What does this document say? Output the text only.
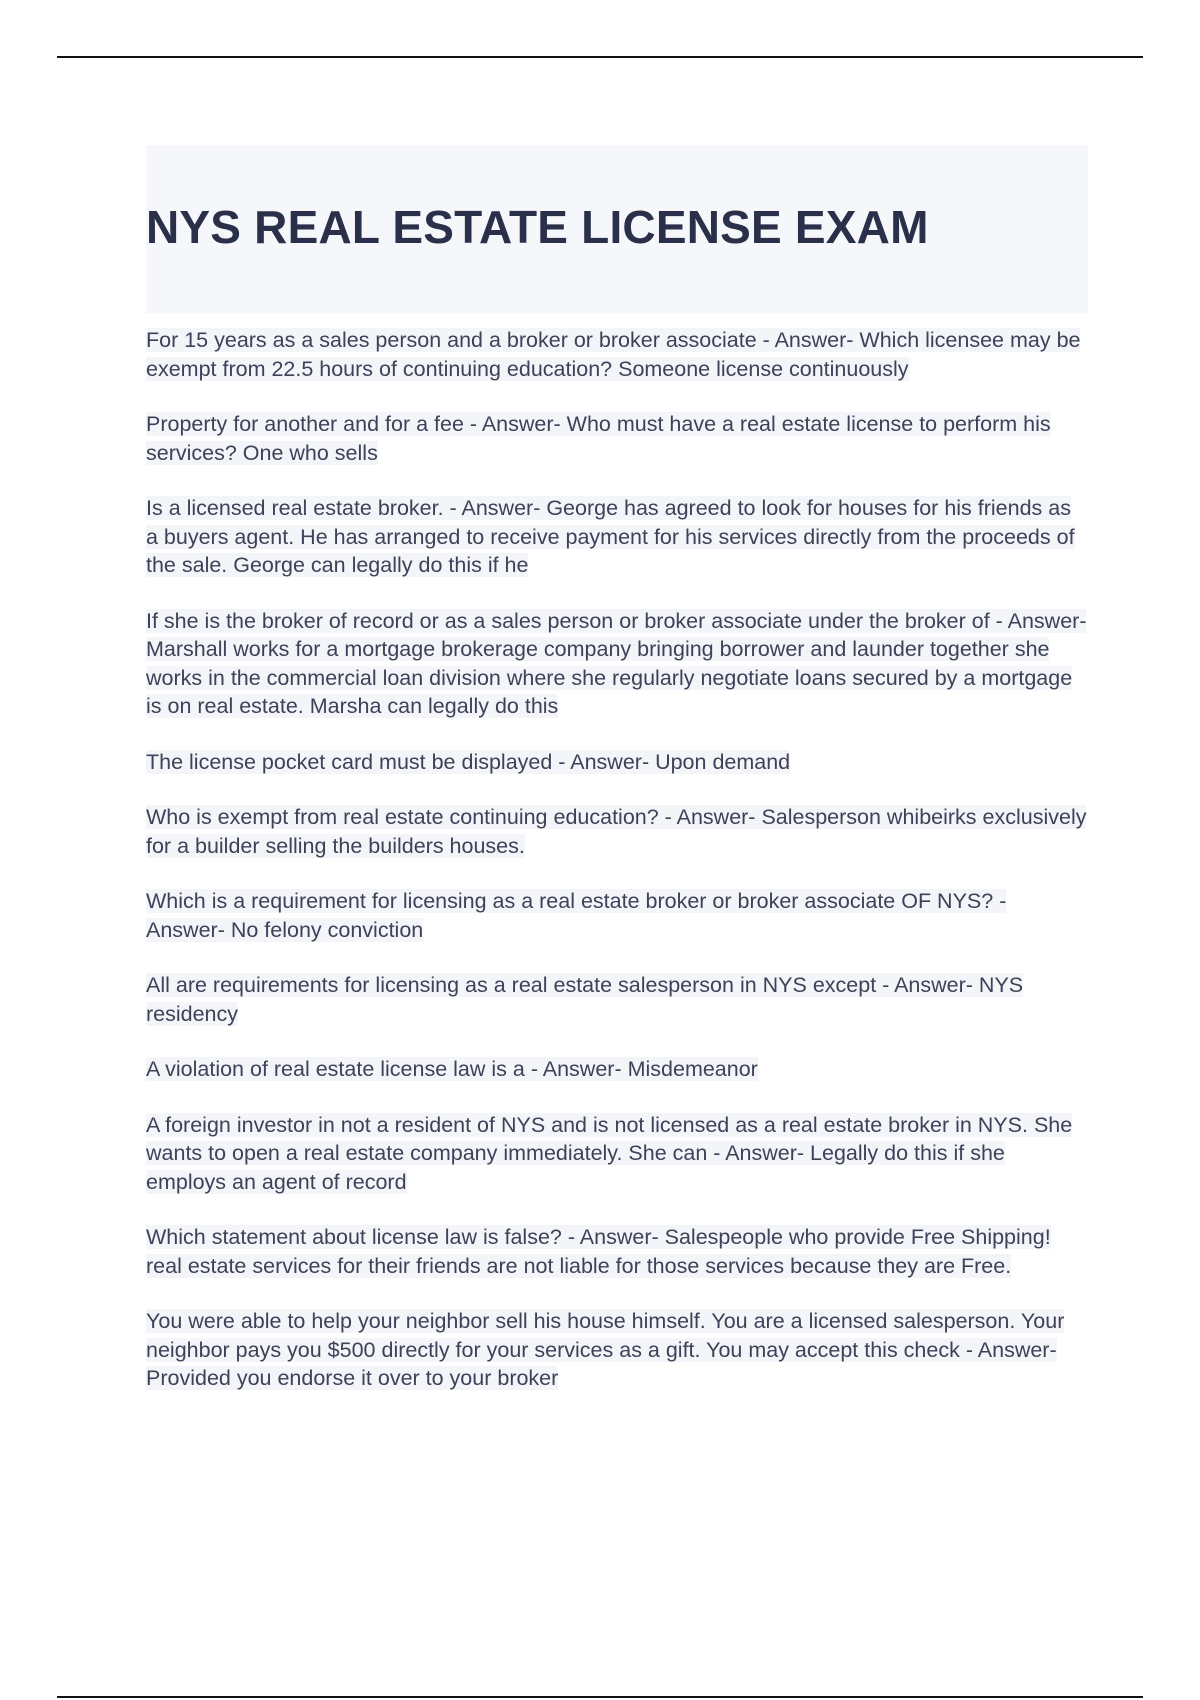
NYS REAL ESTATE LICENSE EXAM

For 15 years as a sales person and a broker or broker associate - Answer- Which licensee may be exempt from 22.5 hours of continuing education? Someone license continuously

Property for another and for a fee - Answer- Who must have a real estate license to perform his services? One who sells

Is a licensed real estate broker. - Answer- George has agreed to look for houses for his friends as a buyers agent. He has arranged to receive payment for his services directly from the proceeds of the sale. George can legally do this if he

If she is the broker of record or as a sales person or broker associate under the broker of - Answer- Marshall works for a mortgage brokerage company bringing borrower and launder together she works in the commercial loan division where she regularly negotiate loans secured by a mortgage is on real estate. Marsha can legally do this

The license pocket card must be displayed - Answer- Upon demand

Who is exempt from real estate continuing education? - Answer- Salesperson whibeirks exclusively for a builder selling the builders houses.

Which is a requirement for licensing as a real estate broker or broker associate OF NYS? - Answer- No felony conviction

All are requirements for licensing as a real estate salesperson in NYS except - Answer- NYS residency

A violation of real estate license law is a - Answer- Misdemeanor

A foreign investor in not a resident of NYS and is not licensed as a real estate broker in NYS. She wants to open a real estate company immediately. She can - Answer- Legally do this if she employs an agent of record

Which statement about license law is false? - Answer- Salespeople who provide Free Shipping! real estate services for their friends are not liable for those services because they are Free.

You were able to help your neighbor sell his house himself. You are a licensed salesperson. Your neighbor pays you $500 directly for your services as a gift. You may accept this check - Answer- Provided you endorse it over to your broker
